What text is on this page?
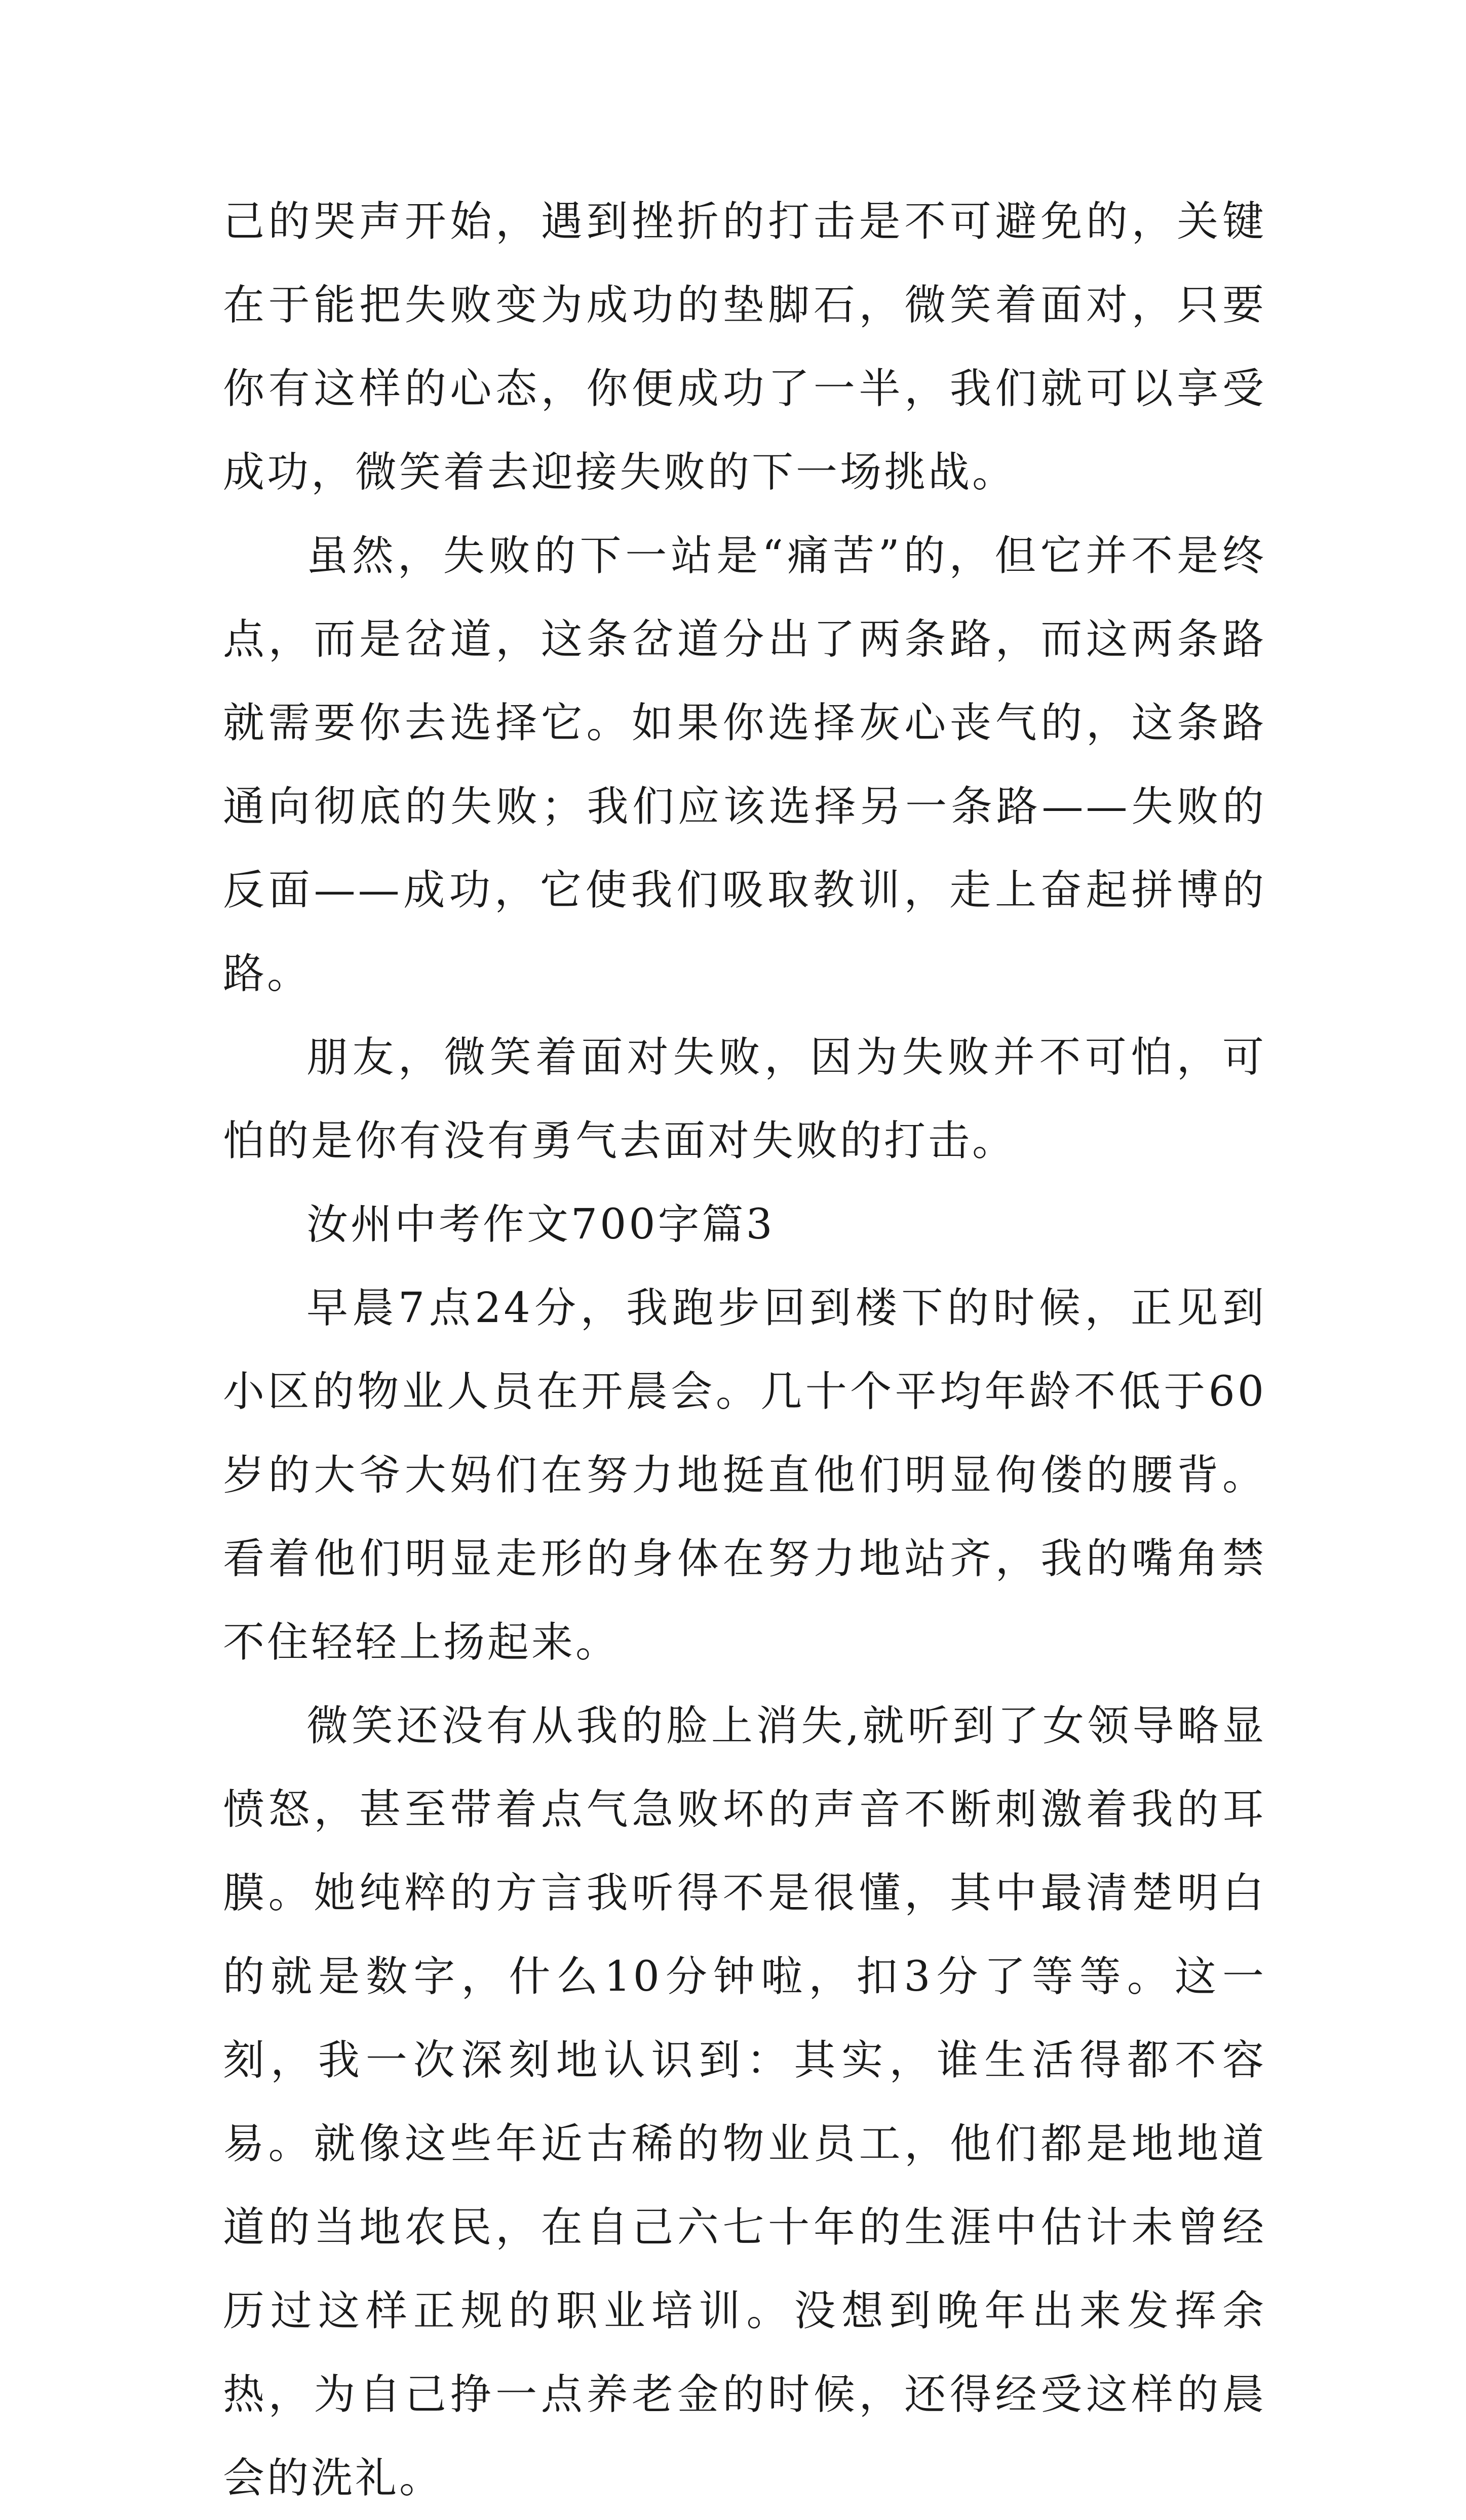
己的哭声开始，遇到挫折的打击是不可避免的，关键在于能把失败变为成功的垫脚石，微笑着面对，只要你有这样的心态，你便成功了一半，我们就可以享受成功，微笑着去迎接失败的下一场挑战。

虽然，失败的下一站是“痛苦”的，但它并不是终点，而是岔道，这条岔道分出了两条路，而这两条路就需要你去选择它。如果你选择灰心丧气的，这条路通向彻底的失败；我们应该选择另一条路——失败的反面——成功，它使我们吸取教训，走上奋起拼博的路。

朋友，微笑着面对失败，因为失败并不可怕，可怕的是你有没有勇气去面对失败的打击。

汝州中考作文700字篇3

早晨7点24分，我跑步回到楼下的时候，正见到小区的物业人员在开晨会。几十个平均年龄不低于60岁的大爷大妈们在努力地挺直他们明显佝偻的腰背。看着他们明显走形的身体在努力地站齐，我的嘴角禁不住轻轻上扬起来。

微笑还没有从我的脸上消失,就听到了女领导略显愤怒，甚至带着点气急败坏的声音不断刺激着我的耳膜。她纯粹的方言我听得不是很懂，其中最清楚明白的就是数字，什么10分钟啦，扣3分了等等。这一刻，我一次深刻地认识到：其实，谁生活得都不容易。就像这些年近古稀的物业员工，他们都是地地道道的当地农民，在自己六七十年的生涯中估计未曾经历过这样正规的职业培训。没想到晚年出来发挥余热，为自己挣一点养老金的时候，还得经受这样的晨会的洗礼。
